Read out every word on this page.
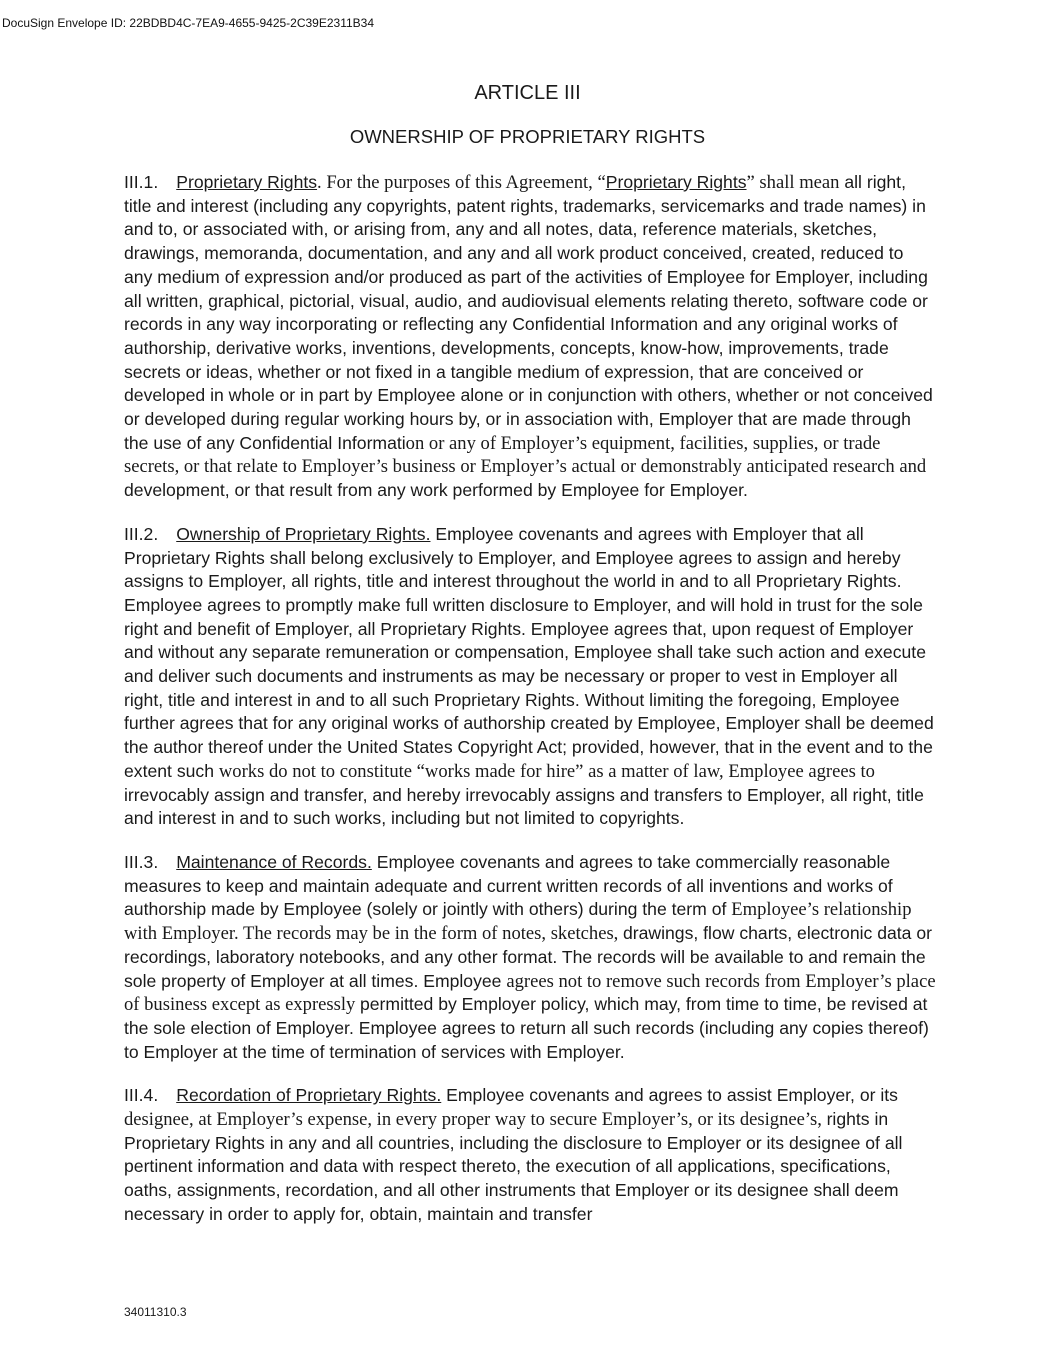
DocuSign Envelope ID: 22BDBD4C-7EA9-4655-9425-2C39E2311B34
ARTICLE III
OWNERSHIP OF PROPRIETARY RIGHTS

III.1. Proprietary Rights. For the purposes of this Agreement, “Proprietary Rights” shall mean all right, title and interest (including any copyrights, patent rights, trademarks, servicemarks and trade names) in and to, or associated with, or arising from, any and all notes, data, reference materials, sketches, drawings, memoranda, documentation, and any and all work product conceived, created, reduced to any medium of expression and/or produced as part of the activities of Employee for Employer, including all written, graphical, pictorial, visual, audio, and audiovisual elements relating thereto, software code or records in any way incorporating or reflecting any Confidential Information and any original works of authorship, derivative works, inventions, developments, concepts, know-how, improvements, trade secrets or ideas, whether or not fixed in a tangible medium of expression, that are conceived or developed in whole or in part by Employee alone or in conjunction with others, whether or not conceived or developed during regular working hours by, or in association with, Employer that are made through the use of any Confidential Information or any of Employer’s equipment, facilities, supplies, or trade secrets, or that relate to Employer’s business or Employer’s actual or demonstrably anticipated research and development, or that result from any work performed by Employee for Employer.

III.2. Ownership of Proprietary Rights. Employee covenants and agrees with Employer that all Proprietary Rights shall belong exclusively to Employer, and Employee agrees to assign and hereby assigns to Employer, all rights, title and interest throughout the world in and to all Proprietary Rights. Employee agrees to promptly make full written disclosure to Employer, and will hold in trust for the sole right and benefit of Employer, all Proprietary Rights. Employee agrees that, upon request of Employer and without any separate remuneration or compensation, Employee shall take such action and execute and deliver such documents and instruments as may be necessary or proper to vest in Employer all right, title and interest in and to all such Proprietary Rights. Without limiting the foregoing, Employee further agrees that for any original works of authorship created by Employee, Employer shall be deemed the author thereof under the United States Copyright Act; provided, however, that in the event and to the extent such works do not to constitute “works made for hire” as a matter of law, Employee agrees to irrevocably assign and transfer, and hereby irrevocably assigns and transfers to Employer, all right, title and interest in and to such works, including but not limited to copyrights.

III.3. Maintenance of Records. Employee covenants and agrees to take commercially reasonable measures to keep and maintain adequate and current written records of all inventions and works of authorship made by Employee (solely or jointly with others) during the term of Employee’s relationship with Employer. The records may be in the form of notes, sketches, drawings, flow charts, electronic data or recordings, laboratory notebooks, and any other format. The records will be available to and remain the sole property of Employer at all times. Employee agrees not to remove such records from Employer’s place of business except as expressly permitted by Employer policy, which may, from time to time, be revised at the sole election of Employer. Employee agrees to return all such records (including any copies thereof) to Employer at the time of termination of services with Employer.

III.4. Recordation of Proprietary Rights. Employee covenants and agrees to assist Employer, or its designee, at Employer’s expense, in every proper way to secure Employer’s, or its designee’s, rights in Proprietary Rights in any and all countries, including the disclosure to Employer or its designee of all pertinent information and data with respect thereto, the execution of all applications, specifications, oaths, assignments, recordation, and all other instruments that Employer or its designee shall deem necessary in order to apply for, obtain, maintain and transfer

34011310.3
